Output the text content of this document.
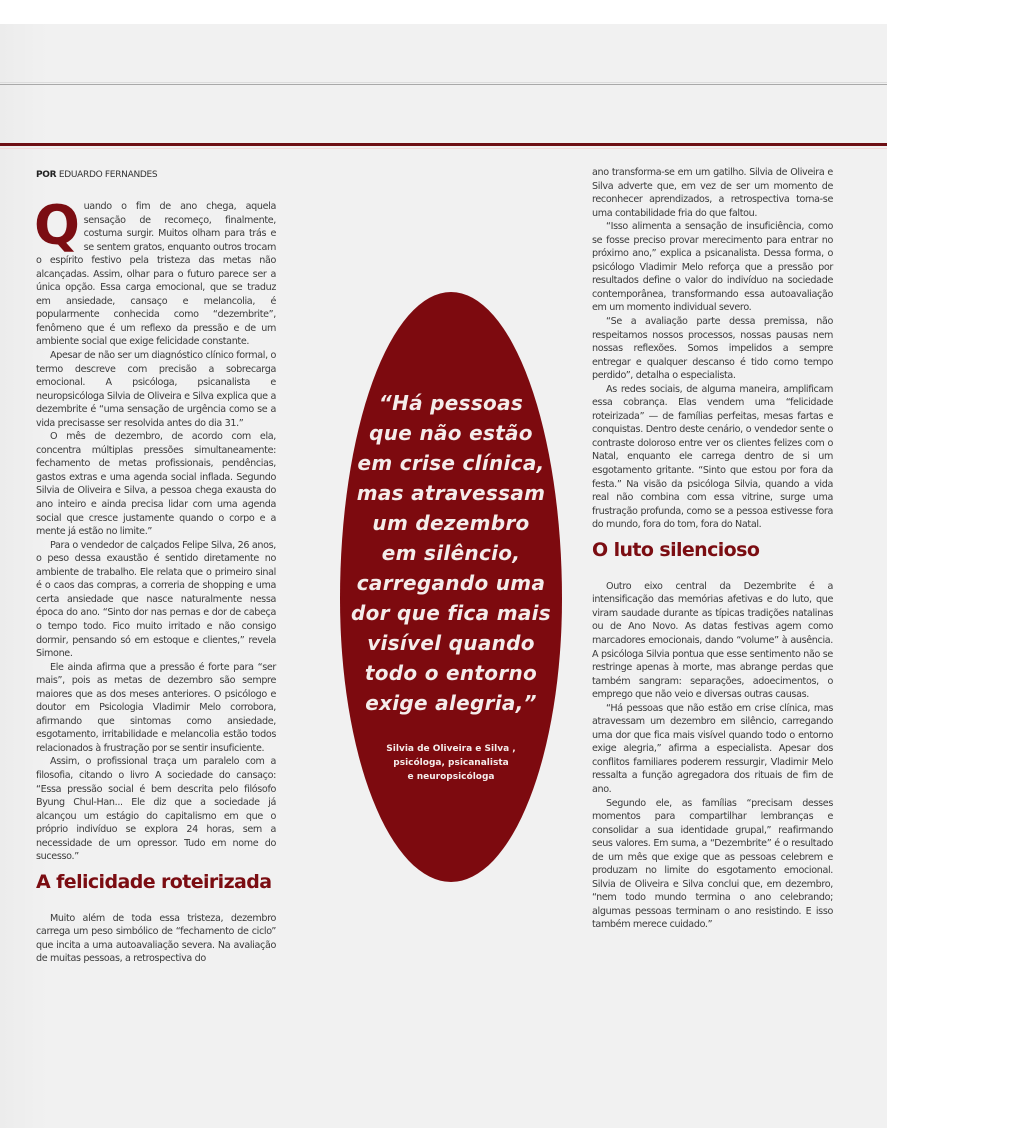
POR EDUARDO FERNANDES

Quando o fim de ano chega, aquela sensação de recomeço, finalmente, costuma surgir. Muitos olham para trás e se sentem gratos, enquanto outros trocam o espírito festivo pela tristeza das metas não alcançadas. Assim, olhar para o futuro parece ser a única opção. Essa carga emocional, que se traduz em ansiedade, cansaço e melancolia, é popularmente conhecida como “dezembrite”, fenômeno que é um reflexo da pressão e de um ambiente social que exige felicidade constante.

Apesar de não ser um diagnóstico clínico formal, o termo descreve com precisão a sobrecarga emocional. A psicóloga, psicanalista e neuropsicóloga Silvia de Oliveira e Silva explica que a dezembrite é “uma sensação de urgência como se a vida precisasse ser resolvida antes do dia 31.”

O mês de dezembro, de acordo com ela, concentra múltiplas pressões simultaneamente: fechamento de metas profissionais, pendências, gastos extras e uma agenda social inflada. Segundo Silvia de Oliveira e Silva, a pessoa chega exausta do ano inteiro e ainda precisa lidar com uma agenda social que cresce justamente quando o corpo e a mente já estão no limite.”

Para o vendedor de calçados Felipe Silva, 26 anos, o peso dessa exaustão é sentido diretamente no ambiente de trabalho. Ele relata que o primeiro sinal é o caos das compras, a correria de shopping e uma certa ansiedade que nasce naturalmente nessa época do ano. “Sinto dor nas pernas e dor de cabeça o tempo todo. Fico muito irritado e não consigo dormir, pensando só em estoque e clientes,” revela Simone.

Ele ainda afirma que a pressão é forte para “ser mais”, pois as metas de dezembro são sempre maiores que as dos meses anteriores. O psicólogo e doutor em Psicologia Vladimir Melo corrobora, afirmando que sintomas como ansiedade, esgotamento, irritabilidade e melancolia estão todos relacionados à frustração por se sentir insuficiente.

Assim, o profissional traça um paralelo com a filosofia, citando o livro A sociedade do cansaço: “Essa pressão social é bem descrita pelo filósofo Byung Chul-Han... Ele diz que a sociedade já alcançou um estágio do capitalismo em que o próprio indivíduo se explora 24 horas, sem a necessidade de um opressor. Tudo em nome do sucesso.”

A felicidade roteirizada

Muito além de toda essa tristeza, dezembro carrega um peso simbólico de “fechamento de ciclo” que incita a uma autoavaliação severa. Na avaliação de muitas pessoas, a retrospectiva do

“Há pessoas
que não estão
em crise clínica,
mas atravessam
um dezembro
em silêncio,
carregando uma
dor que fica mais
visível quando
todo o entorno
exige alegria,”
Silvia de Oliveira e Silva ,
psicóloga, psicanalista
e neuropsicóloga

ano transforma-se em um gatilho. Silvia de Oliveira e Silva adverte que, em vez de ser um momento de reconhecer aprendizados, a retrospectiva torna-se uma contabilidade fria do que faltou.

“Isso alimenta a sensação de insuficiência, como se fosse preciso provar merecimento para entrar no próximo ano,” explica a psicanalista. Dessa forma, o psicólogo Vladimir Melo reforça que a pressão por resultados define o valor do indivíduo na sociedade contemporânea, transformando essa autoavaliação em um momento individual severo.

“Se a avaliação parte dessa premissa, não respeitamos nossos processos, nossas pausas nem nossas reflexões. Somos impelidos a sempre entregar e qualquer descanso é tido como tempo perdido”, detalha o especialista.

As redes sociais, de alguma maneira, amplificam essa cobrança. Elas vendem uma “felicidade roteirizada” — de famílias perfeitas, mesas fartas e conquistas. Dentro deste cenário, o vendedor sente o contraste doloroso entre ver os clientes felizes com o Natal, enquanto ele carrega dentro de si um esgotamento gritante. “Sinto que estou por fora da festa.” Na visão da psicóloga Silvia, quando a vida real não combina com essa vitrine, surge uma frustração profunda, como se a pessoa estivesse fora do mundo, fora do tom, fora do Natal.

O luto silencioso

Outro eixo central da Dezembrite é a intensificação das memórias afetivas e do luto, que viram saudade durante as típicas tradições natalinas ou de Ano Novo. As datas festivas agem como marcadores emocionais, dando “volume” à ausência. A psicóloga Silvia pontua que esse sentimento não se restringe apenas à morte, mas abrange perdas que também sangram: separações, adoecimentos, o emprego que não veio e diversas outras causas.

“Há pessoas que não estão em crise clínica, mas atravessam um dezembro em silêncio, carregando uma dor que fica mais visível quando todo o entorno exige alegria,” afirma a especialista. Apesar dos conflitos familiares poderem ressurgir, Vladimir Melo ressalta a função agregadora dos rituais de fim de ano.

Segundo ele, as famílias “precisam desses momentos para compartilhar lembranças e consolidar a sua identidade grupal,” reafirmando seus valores. Em suma, a “Dezembrite” é o resultado de um mês que exige que as pessoas celebrem e produzam no limite do esgotamento emocional. Silvia de Oliveira e Silva conclui que, em dezembro, “nem todo mundo termina o ano celebrando; algumas pessoas terminam o ano resistindo. E isso também merece cuidado.”
